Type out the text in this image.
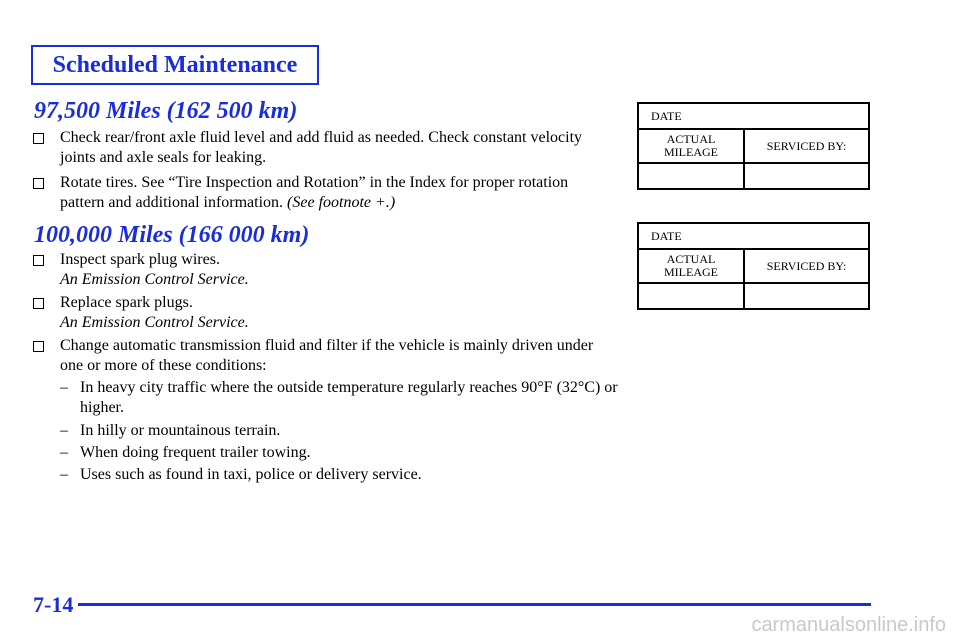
Scheduled Maintenance
97,500 Miles (162 500 km)
Check rear/front axle fluid level and add fluid as needed. Check constant velocity joints and axle seals for leaking.
Rotate tires. See “Tire Inspection and Rotation” in the Index for proper rotation pattern and additional information. (See footnote +.)
DATE	
ACTUAL
MILEAGE	SERVICED BY:

100,000 Miles (166 000 km)
Inspect spark plug wires.
An Emission Control Service.
Replace spark plugs.
An Emission Control Service.
Change automatic transmission fluid and filter if the vehicle is mainly driven under one or more of these conditions:
– In heavy city traffic where the outside temperature regularly reaches 90°F (32°C) or higher.
– In hilly or mountainous terrain.
– When doing frequent trailer towing.
– Uses such as found in taxi, police or delivery service.
DATE	
ACTUAL
MILEAGE	SERVICED BY:

7-14
carmanualsonline.info
